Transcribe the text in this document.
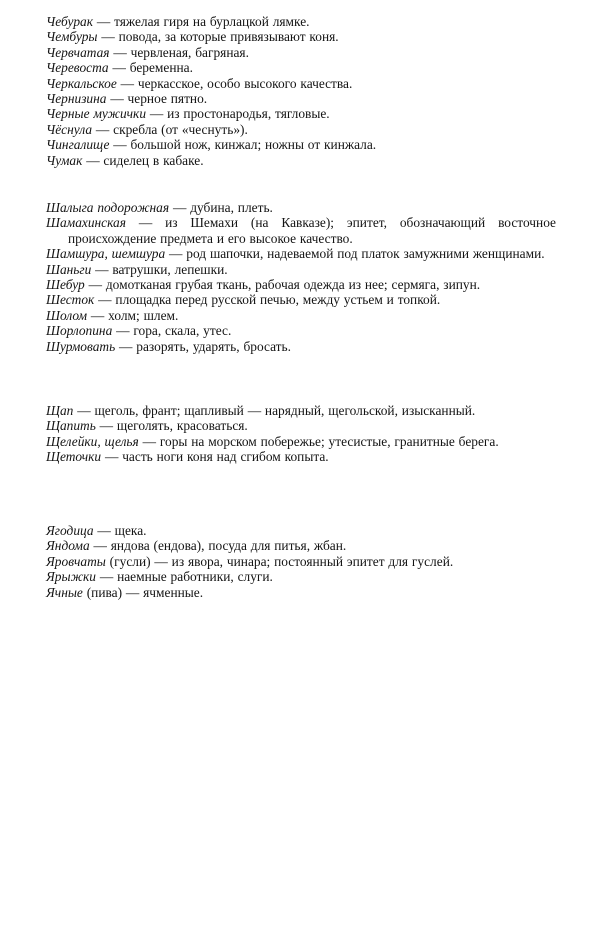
Чебурак — тяжелая гиря на бурлацкой лямке.
Чембуры — повода, за которые привязывают коня.
Червчатая — червленая, багряная.
Черевоста — беременна.
Черкальское — черкасское, особо высокого качества.
Чернизина — черное пятно.
Черные мужички — из простонародья, тягловые.
Чёснула — скребла (от «чеснуть»).
Чингалище — большой нож, кинжал; ножны от кинжала.
Чумак — сиделец в кабаке.
Шалыга подорожная — дубина, плеть.
Шамахинская — из Шемахи (на Кавказе); эпитет, обозначающий восточное происхождение предмета и его высокое качество.
Шамшура, шемшура — род шапочки, надеваемой под платок замужними женщинами.
Шаньги — ватрушки, лепешки.
Шебур — домотканая грубая ткань, рабочая одежда из нее; сермяга, зипун.
Шесток — площадка перед русской печью, между устьем и топкой.
Шолом — холм; шлем.
Шорлопина — гора, скала, утес.
Шурмовать — разорять, ударять, бросать.
Щап — щеголь, франт; щапливый — нарядный, щегольской, изысканный.
Щапить — щеголять, красоваться.
Щелейки, щелья — горы на морском побережье; утесистые, гранитные берега.
Щеточки — часть ноги коня над сгибом копыта.
Ягодица — щека.
Яндома — яндова (ендова), посуда для питья, жбан.
Яровчаты (гусли) — из явора, чинара; постоянный эпитет для гуслей.
Ярыжки — наемные работники, слуги.
Ячные (пива) — ячменные.
